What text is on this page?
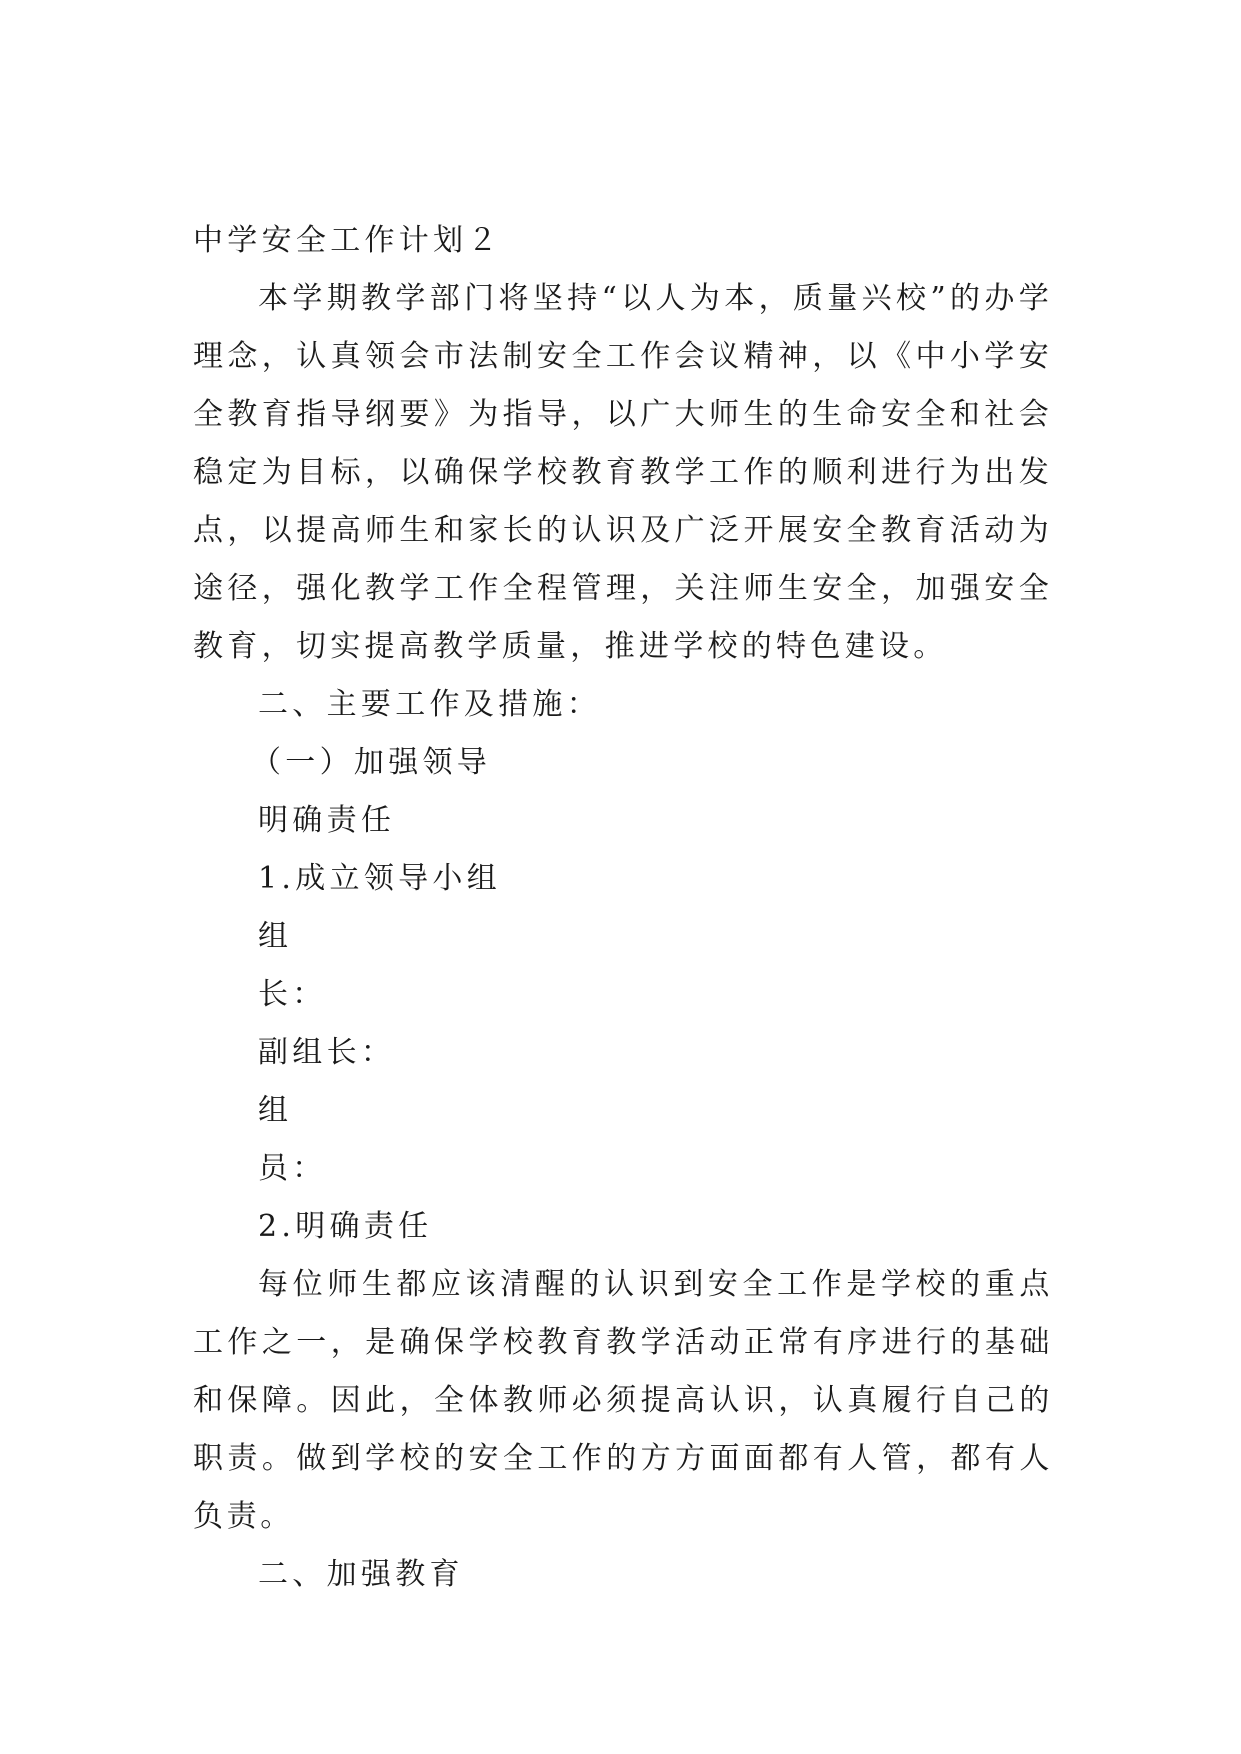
中学安全工作计划２
本学期教学部门将坚持“以人为本，质量兴校”的办学理念，认真领会市法制安全工作会议精神，以《中小学安全教育指导纲要》为指导，以广大师生的生命安全和社会稳定为目标，以确保学校教育教学工作的顺利进行为出发点，以提高师生和家长的认识及广泛开展安全教育活动为途径，强化教学工作全程管理，关注师生安全，加强安全教育，切实提高教学质量，推进学校的特色建设。
二、主要工作及措施：
（一）加强领导
明确责任
1.成立领导小组
组
长：
副组长：
组
员：
2.明确责任
每位师生都应该清醒的认识到安全工作是学校的重点工作之一，是确保学校教育教学活动正常有序进行的基础和保障。因此，全体教师必须提高认识，认真履行自己的职责。做到学校的安全工作的方方面面都有人管，都有人负责。
二、加强教育
